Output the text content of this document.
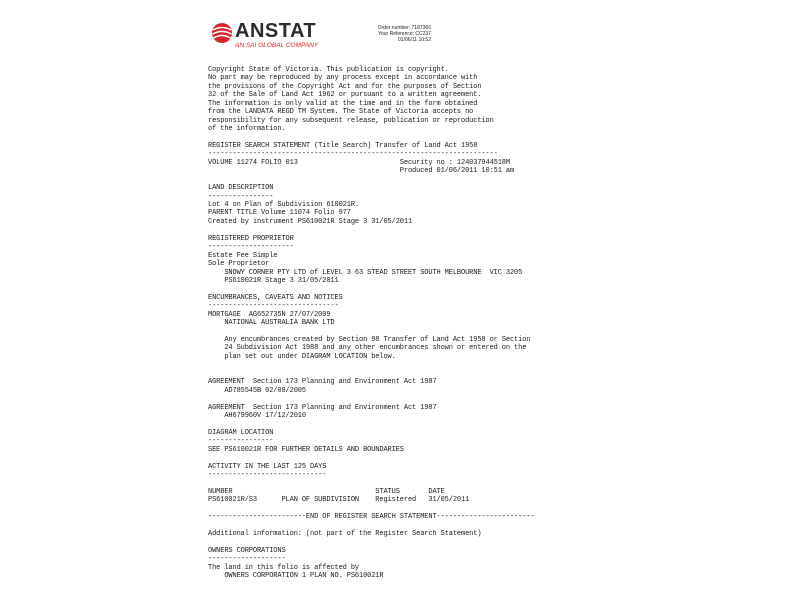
ANSTAT
AN SAI GLOBAL COMPANY
Order number: 7187366
Your Reference: CC237
01/06/11 10:52
Copyright State of Victoria. This publication is copyright.
No part may be reproduced by any process except in accordance with
the provisions of the Copyright Act and for the purposes of Section
32 of the Sale of Land Act 1962 or pursuant to a written agreement.
The information is only valid at the time and in the form obtained
from the LANDATA REGD TM System. The State of Victoria accepts no
responsibility for any subsequent release, publication or reproduction
of the information.
REGISTER SEARCH STATEMENT (Title Search) Transfer of Land Act 1958
-----------------------------------------------------------------------
VOLUME 11274 FOLIO 013                         Security no : 124037944518M
Produced 01/06/2011 10:51 am
LAND DESCRIPTION
----------------
Lot 4 on Plan of Subdivision 610021R.
PARENT TITLE Volume 11074 Folio 977
Created by instrument PS610021R Stage 3 31/05/2011
REGISTERED PROPRIETOR
---------------------
Estate Fee Simple
Sole Proprietor
SNOWY CORNER PTY LTD of LEVEL 3 63 STEAD STREET SOUTH MELBOURNE  VIC 3205
PS610021R Stage 3 31/05/2011
ENCUMBRANCES, CAVEATS AND NOTICES
--------------------------------
MORTGAGE  AG652735N 27/07/2009
NATIONAL AUSTRALIA BANK LTD
Any encumbrances created by Section 98 Transfer of Land Act 1958 or Section
24 Subdivision Act 1988 and any other encumbrances shown or entered on the
plan set out under DIAGRAM LOCATION below.
AGREEMENT  Section 173 Planning and Environment Act 1987
AD785545B 02/08/2005
AGREEMENT  Section 173 Planning and Environment Act 1987
AH679960V 17/12/2010
DIAGRAM LOCATION
----------------
SEE PS610021R FOR FURTHER DETAILS AND BOUNDARIES
ACTIVITY IN THE LAST 125 DAYS
-----------------------------
NUMBER                                   STATUS       DATE
PS610021R/S3      PLAN OF SUBDIVISION    Registered   31/05/2011
------------------------END OF REGISTER SEARCH STATEMENT------------------------
Additional information: (not part of the Register Search Statement)
OWNERS CORPORATIONS
-------------------
The land in this folio is affected by
OWNERS CORPORATION 1 PLAN NO. PS610021R
